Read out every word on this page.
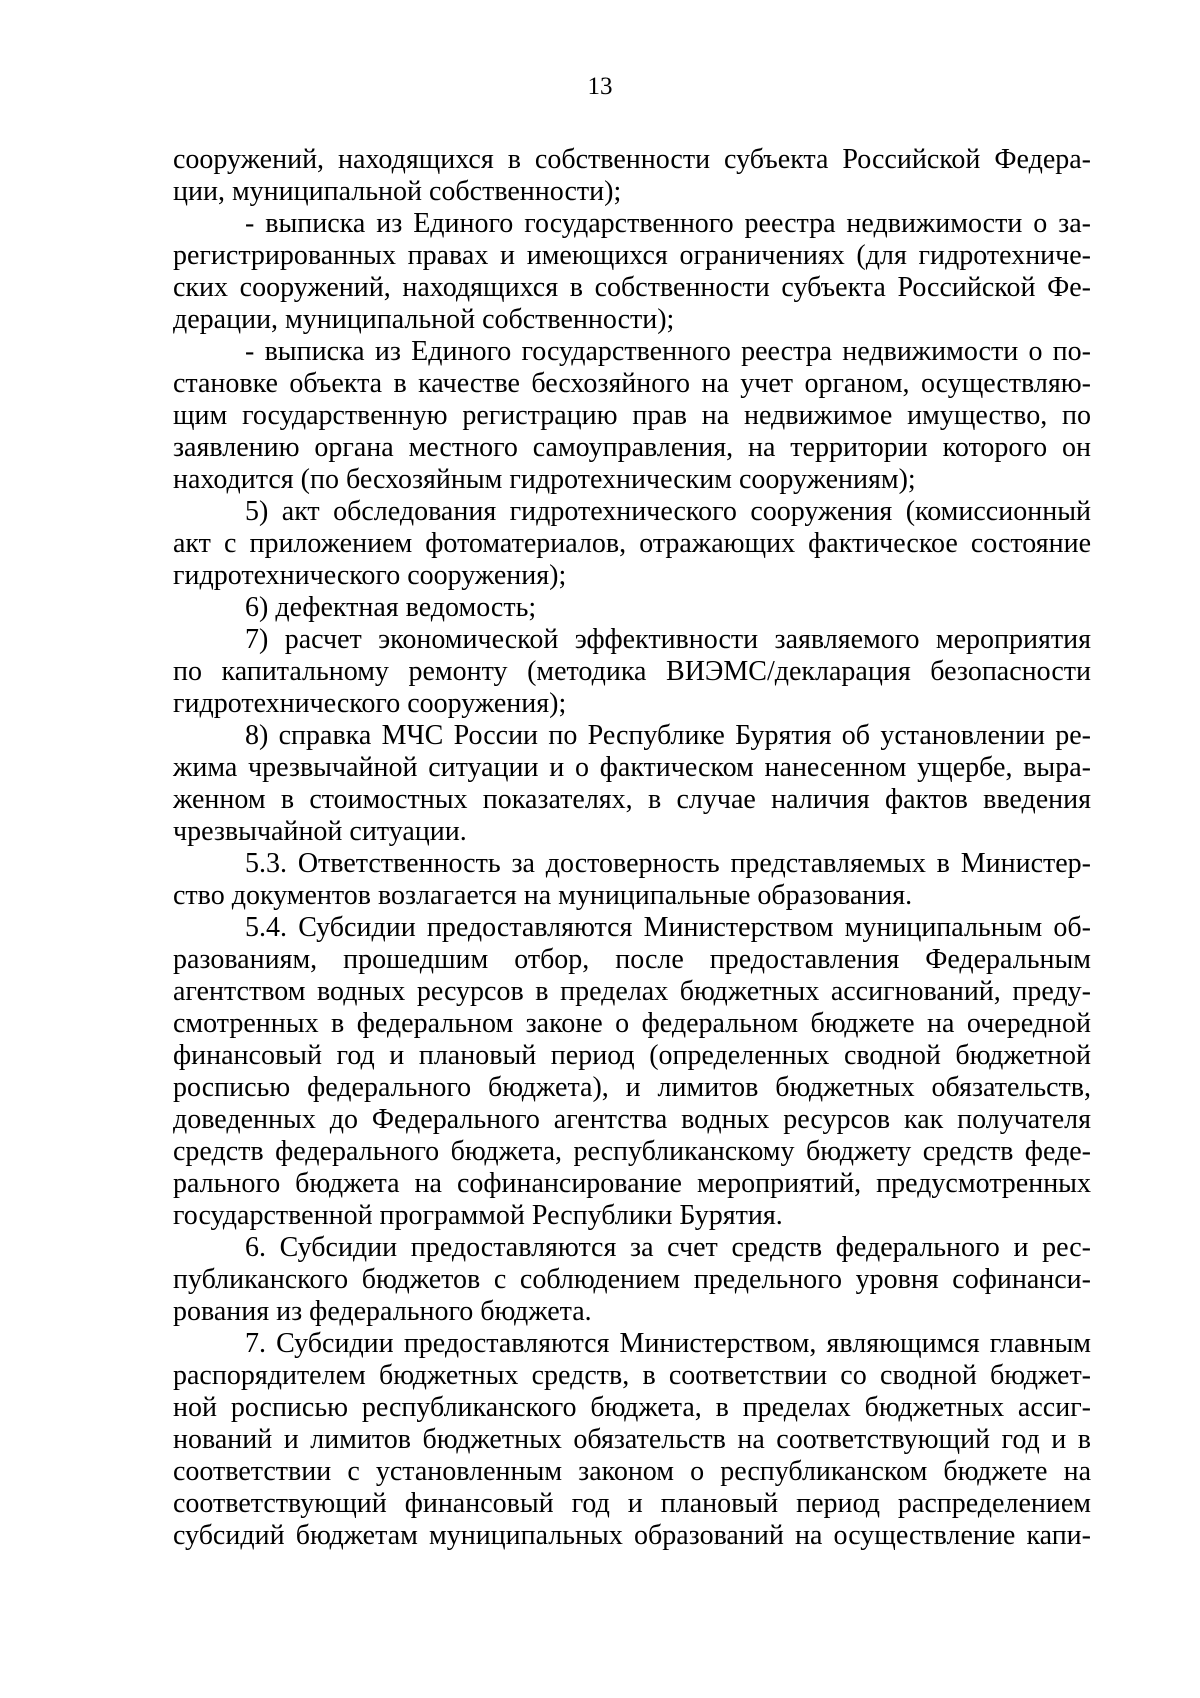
13
сооружений, находящихся в собственности субъекта Российской Федера-
ции, муниципальной собственности);
- выписка из Единого государственного реестра недвижимости о за-
регистрированных правах и имеющихся ограничениях (для гидротехниче-
ских сооружений, находящихся в собственности субъекта Российской Фе-
дерации, муниципальной собственности);
- выписка из Единого государственного реестра недвижимости о по-
становке объекта в качестве бесхозяйного на учет органом, осуществляю-
щим государственную регистрацию прав на недвижимое имущество, по
заявлению органа местного самоуправления, на территории которого он
находится (по бесхозяйным гидротехническим сооружениям);
5) акт обследования гидротехнического сооружения (комиссионный
акт с приложением фотоматериалов, отражающих фактическое состояние
гидротехнического сооружения);
6) дефектная ведомость;
7) расчет экономической эффективности заявляемого мероприятия
по капитальному ремонту (методика ВИЭМС/декларация безопасности
гидротехнического сооружения);
8) справка МЧС России по Республике Бурятия об установлении ре-
жима чрезвычайной ситуации и о фактическом нанесенном ущербе, выра-
женном в стоимостных показателях, в случае наличия фактов введения
чрезвычайной ситуации.
5.3. Ответственность за достоверность представляемых в Министер-
ство документов возлагается на муниципальные образования.
5.4. Субсидии предоставляются Министерством муниципальным об-
разованиям, прошедшим отбор, после предоставления Федеральным
агентством водных ресурсов в пределах бюджетных ассигнований, преду-
смотренных в федеральном законе о федеральном бюджете на очередной
финансовый год и плановый период (определенных сводной бюджетной
росписью федерального бюджета), и лимитов бюджетных обязательств,
доведенных до Федерального агентства водных ресурсов как получателя
средств федерального бюджета, республиканскому бюджету средств феде-
рального бюджета на софинансирование мероприятий, предусмотренных
государственной программой Республики Бурятия.
6. Субсидии предоставляются за счет средств федерального и рес-
публиканского бюджетов с соблюдением предельного уровня софинанси-
рования из федерального бюджета.
7. Субсидии предоставляются Министерством, являющимся главным
распорядителем бюджетных средств, в соответствии со сводной бюджет-
ной росписью республиканского бюджета, в пределах бюджетных ассиг-
нований и лимитов бюджетных обязательств на соответствующий год и в
соответствии с установленным законом о республиканском бюджете на
соответствующий финансовый год и плановый период распределением
субсидий бюджетам муниципальных образований на осуществление капи-
